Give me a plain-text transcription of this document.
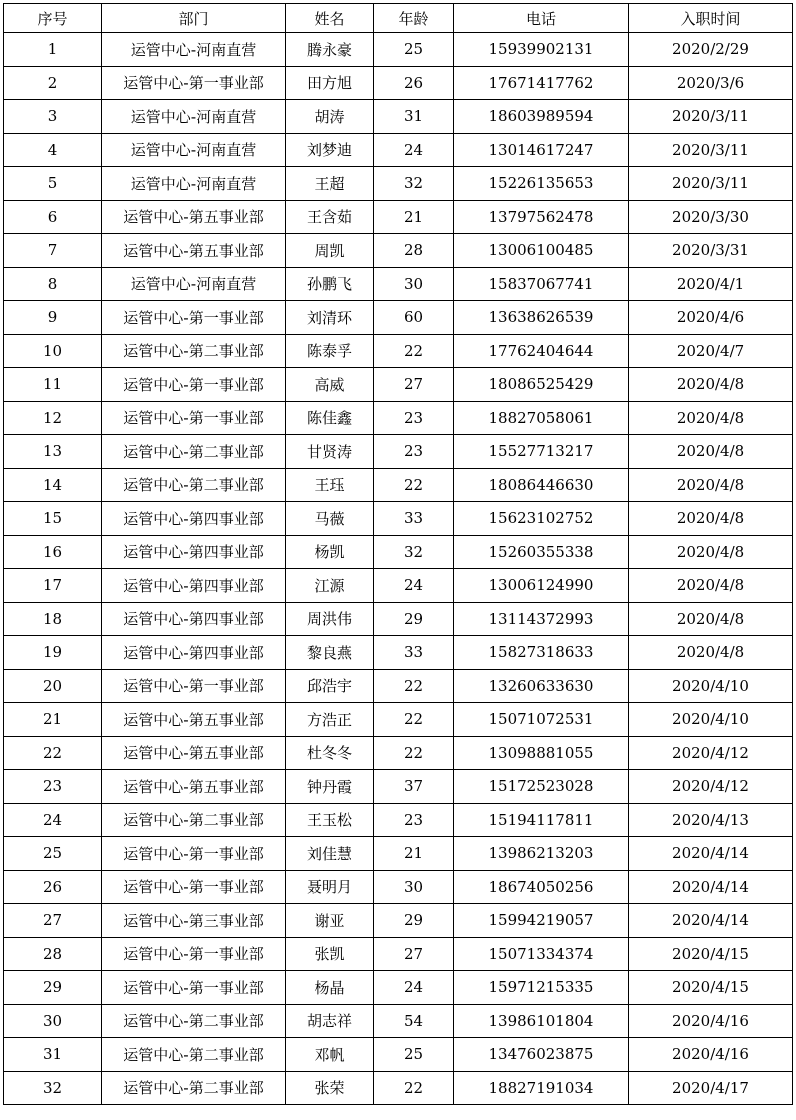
序号	部门	姓名	年龄	电话	入职时间
1	运管中心-河南直营	腾永豪	25	15939902131	2020/2/29
2	运管中心-第一事业部	田方旭	26	17671417762	2020/3/6
3	运管中心-河南直营	胡涛	31	18603989594	2020/3/11
4	运管中心-河南直营	刘梦迪	24	13014617247	2020/3/11
5	运管中心-河南直营	王超	32	15226135653	2020/3/11
6	运管中心-第五事业部	王含茹	21	13797562478	2020/3/30
7	运管中心-第五事业部	周凯	28	13006100485	2020/3/31
8	运管中心-河南直营	孙鹏飞	30	15837067741	2020/4/1
9	运管中心-第一事业部	刘清环	60	13638626539	2020/4/6
10	运管中心-第二事业部	陈泰孚	22	17762404644	2020/4/7
11	运管中心-第一事业部	高威	27	18086525429	2020/4/8
12	运管中心-第一事业部	陈佳鑫	23	18827058061	2020/4/8
13	运管中心-第二事业部	甘贤涛	23	15527713217	2020/4/8
14	运管中心-第二事业部	王珏	22	18086446630	2020/4/8
15	运管中心-第四事业部	马薇	33	15623102752	2020/4/8
16	运管中心-第四事业部	杨凯	32	15260355338	2020/4/8
17	运管中心-第四事业部	江源	24	13006124990	2020/4/8
18	运管中心-第四事业部	周洪伟	29	13114372993	2020/4/8
19	运管中心-第四事业部	黎良燕	33	15827318633	2020/4/8
20	运管中心-第一事业部	邱浩宇	22	13260633630	2020/4/10
21	运管中心-第五事业部	方浩正	22	15071072531	2020/4/10
22	运管中心-第五事业部	杜冬冬	22	13098881055	2020/4/12
23	运管中心-第五事业部	钟丹霞	37	15172523028	2020/4/12
24	运管中心-第二事业部	王玉松	23	15194117811	2020/4/13
25	运管中心-第一事业部	刘佳慧	21	13986213203	2020/4/14
26	运管中心-第一事业部	聂明月	30	18674050256	2020/4/14
27	运管中心-第三事业部	谢亚	29	15994219057	2020/4/14
28	运管中心-第一事业部	张凯	27	15071334374	2020/4/15
29	运管中心-第一事业部	杨晶	24	15971215335	2020/4/15
30	运管中心-第二事业部	胡志祥	54	13986101804	2020/4/16
31	运管中心-第二事业部	邓帆	25	13476023875	2020/4/16
32	运管中心-第二事业部	张荣	22	18827191034	2020/4/17
